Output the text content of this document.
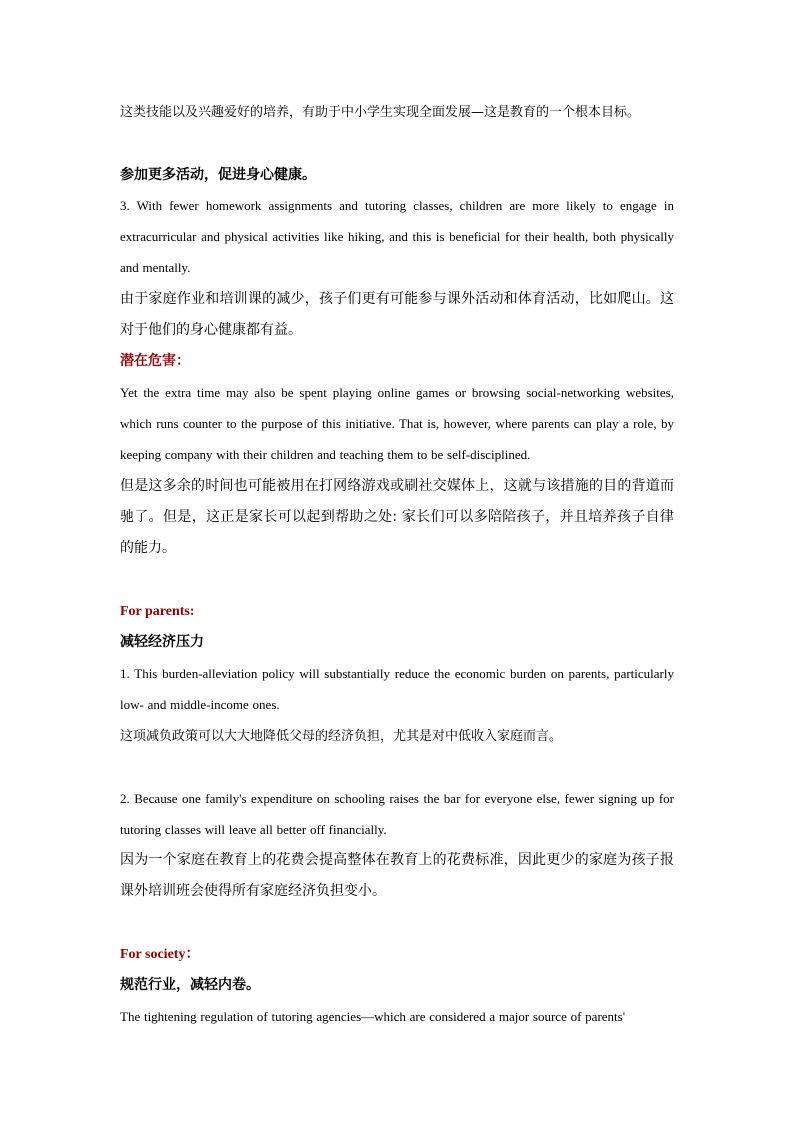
这类技能以及兴趣爱好的培养，有助于中小学生实现全面发展—这是教育的一个根本目标。

参加更多活动，促进身心健康。

3. With fewer homework assignments and tutoring classes, children are more likely to engage in extracurricular and physical activities like hiking, and this is beneficial for their health, both physically and mentally.

由于家庭作业和培训课的减少，孩子们更有可能参与课外活动和体育活动，比如爬山。这对于他们的身心健康都有益。

潜在危害：

Yet the extra time may also be spent playing online games or browsing social-networking websites, which runs counter to the purpose of this initiative. That is, however, where parents can play a role, by keeping company with their children and teaching them to be self-disciplined.

但是这多余的时间也可能被用在打网络游戏或刷社交媒体上，这就与该措施的目的背道而驰了。但是，这正是家长可以起到帮助之处: 家长们可以多陪陪孩子，并且培养孩子自律的能力。

For parents:

减轻经济压力

1. This burden-alleviation policy will substantially reduce the economic burden on parents, particularly low- and middle-income ones.

这项减负政策可以大大地降低父母的经济负担，尤其是对中低收入家庭而言。

2. Because one family's expenditure on schooling raises the bar for everyone else, fewer signing up for tutoring classes will leave all better off financially.

因为一个家庭在教育上的花费会提高整体在教育上的花费标准，因此更少的家庭为孩子报课外培训班会使得所有家庭经济负担变小。

For society：

规范行业，减轻内卷。

The tightening regulation of tutoring agencies—which are considered a major source of parents'
